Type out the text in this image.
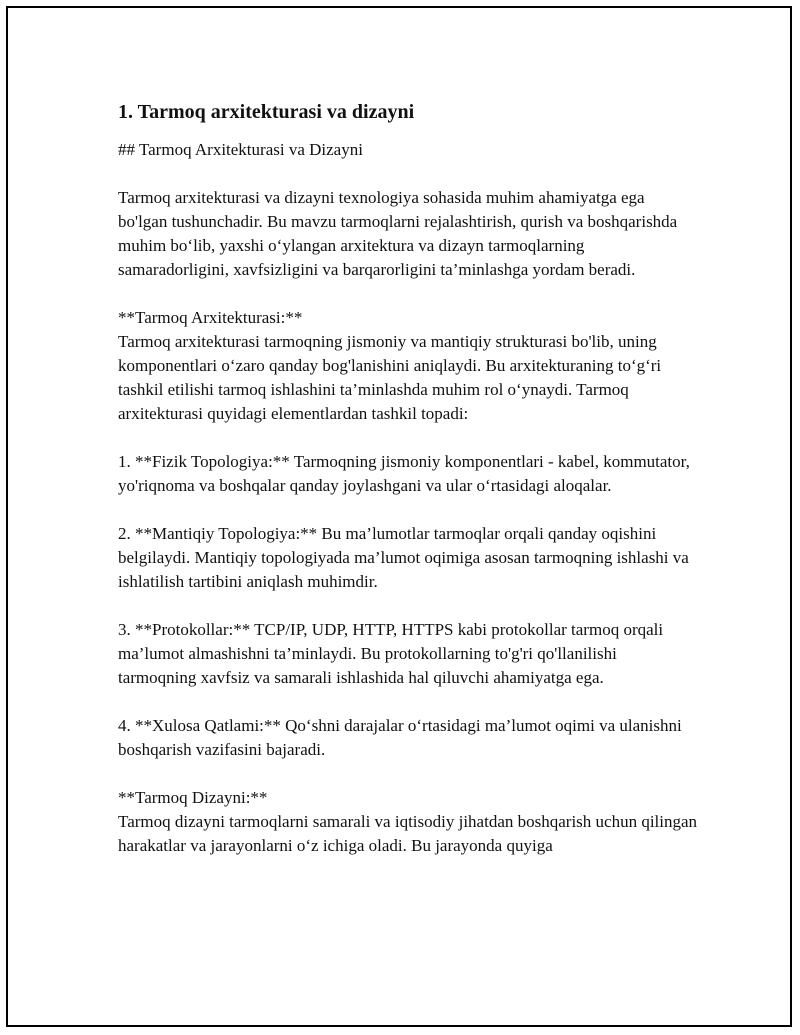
1. Tarmoq arxitekturasi va dizayni

## Tarmoq Arxitekturasi va Dizayni

Tarmoq arxitekturasi va dizayni texnologiya sohasida muhim ahamiyatga ega bo'lgan tushunchadir. Bu mavzu tarmoqlarni rejalashtirish, qurish va boshqarishda muhim bo‘lib, yaxshi o‘ylangan arxitektura va dizayn tarmoqlarning samaradorligini, xavfsizligini va barqarorligini ta’minlashga yordam beradi.

**Tarmoq Arxitekturasi:**
Tarmoq arxitekturasi tarmoqning jismoniy va mantiqiy strukturasi bo'lib, uning komponentlari o‘zaro qanday bog'lanishini aniqlaydi. Bu arxitekturaning to‘g‘ri tashkil etilishi tarmoq ishlashini ta’minlashda muhim rol o‘ynaydi. Tarmoq arxitekturasi quyidagi elementlardan tashkil topadi:

1. **Fizik Topologiya:** Tarmoqning jismoniy komponentlari - kabel, kommutator, yo'riqnoma va boshqalar qanday joylashgani va ular o‘rtasidagi aloqalar.

2. **Mantiqiy Topologiya:** Bu ma’lumotlar tarmoqlar orqali qanday oqishini belgilaydi. Mantiqiy topologiyada ma’lumot oqimiga asosan tarmoqning ishlashi va ishlatilish tartibini aniqlash muhimdir.

3. **Protokollar:** TCP/IP, UDP, HTTP, HTTPS kabi protokollar tarmoq orqali ma’lumot almashishni ta’minlaydi. Bu protokollarning to'g'ri qo'llanilishi tarmoqning xavfsiz va samarali ishlashida hal qiluvchi ahamiyatga ega.

4. **Xulosa Qatlami:** Qo‘shni darajalar o‘rtasidagi ma’lumot oqimi va ulanishni boshqarish vazifasini bajaradi.

**Tarmoq Dizayni:**
Tarmoq dizayni tarmoqlarni samarali va iqtisodiy jihatdan boshqarish uchun qilingan harakatlar va jarayonlarni o‘z ichiga oladi. Bu jarayonda quyiga
